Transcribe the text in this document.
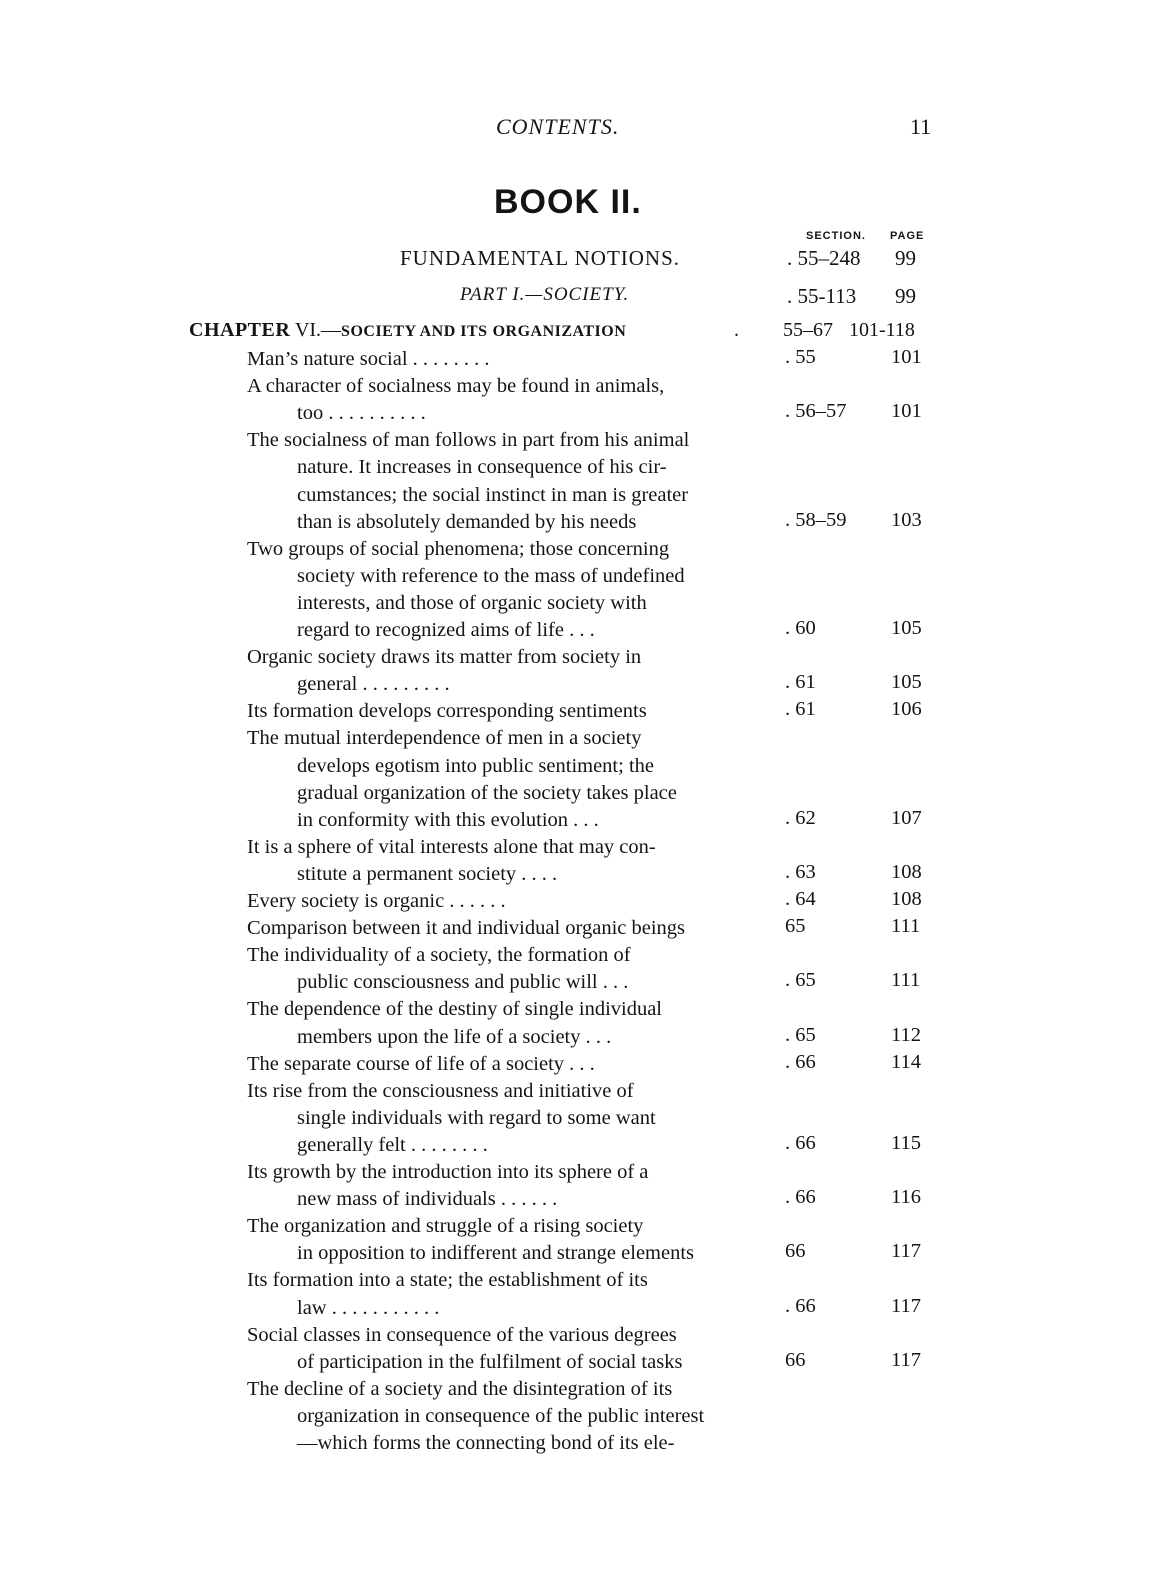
CONTENTS.	11
BOOK II.
SECTION. PAGE
FUNDAMENTAL NOTIONS.	. 55–248 99
PART I.—SOCIETY.	. 55-113 99
CHAPTER VI.—SOCIETY AND ITS ORGANIZATION	. 55–67 101-118
Man’s nature social . . . . . . . .	. 55	101
A character of socialness may be found in animals,
too . . . . . . . . . .	. 56–57 101
The socialness of man follows in part from his animal
nature. It increases in consequence of his cir-
cumstances; the social instinct in man is greater
than is absolutely demanded by his needs	. 58–59 103
Two groups of social phenomena; those concerning
society with reference to the mass of undefined
interests, and those of organic society with
regard to recognized aims of life . . .	. 60	105
Organic society draws its matter from society in
general . . . . . . . . .	. 61	105
Its formation develops corresponding sentiments	. 61	106
The mutual interdependence of men in a society
develops egotism into public sentiment; the
gradual organization of the society takes place
in conformity with this evolution . . .	. 62	107
It is a sphere of vital interests alone that may con-
stitute a permanent society . . . .	. 63	108
Every society is organic . . . . . .	. 64	108
Comparison between it and individual organic beings	65	111
The individuality of a society, the formation of
public consciousness and public will . . .	. 65	111
The dependence of the destiny of single individual
members upon the life of a society . . .	. 65	112
The separate course of life of a society . . .	. 66	114
Its rise from the consciousness and initiative of
single individuals with regard to some want
generally felt . . . . . . . .	. 66	115
Its growth by the introduction into its sphere of a
new mass of individuals . . . . . .	. 66	116
The organization and struggle of a rising society
in opposition to indifferent and strange elements	66	117
Its formation into a state; the establishment of its
law . . . . . . . . . . .	. 66	117
Social classes in consequence of the various degrees
of participation in the fulfilment of social tasks	66	117
The decline of a society and the disintegration of its
organization in consequence of the public interest
—which forms the connecting bond of its ele-
